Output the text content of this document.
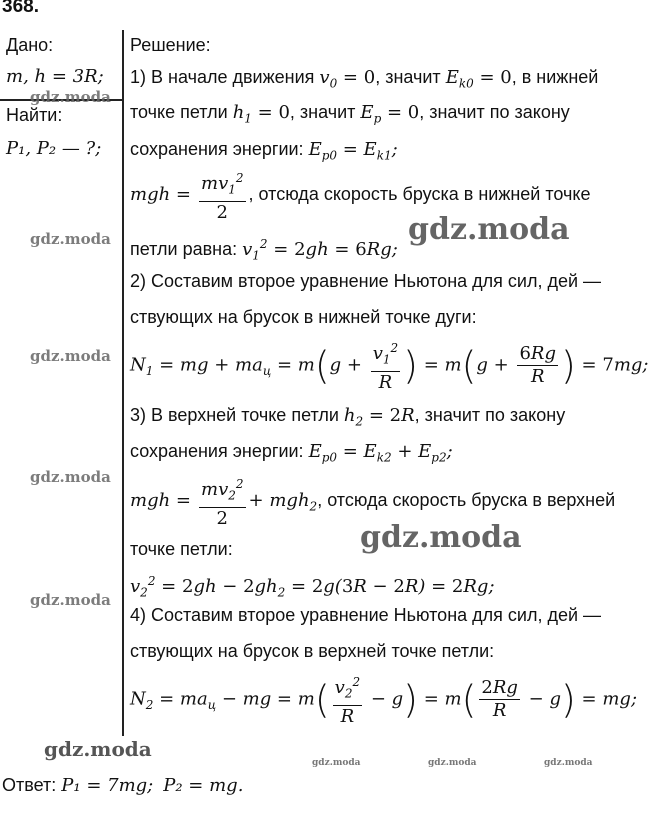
368.
Дано:
m, h = 3R;
Найти:
P₁, P₂ — ?;
Решение:
1) В начале движения $v_0 = 0$, значит $E_{k0} = 0$, в нижней
точке петли $h_1 = 0$, значит $E_p = 0$, значит по закону
сохранения энергии: $E_{p0} = E_{k1}$;
mgh = $\frac{mv_1^2}{2}$ , отсюда скорость бруска в нижней точке
петли равна: $v_1^2 = 2gh = 6Rg$;
2) Составим второе уравнение Ньютона для сил, дей —
ствующих на брусок в нижней точке дуги:
$N_1$ = mg + $ma_ц = m(g + \frac{v_1^2}{R}$ ) = $m(g + \frac{6Rg}{R}$ ) = 7mg;
3) В верхней точке петли $h_2 = 2R$, значит по закону
сохранения энергии: $E_{p0} = E_{k2} + E_{p2}$;
mgh = $\frac{mv_2^2}{2} + mgh_2$, отсюда скорость бруска в верхней
точке петли:
$v_2^2 = 2gh - 2gh_2 = 2g(3R - 2R) = 2Rg$;
4) Составим второе уравнение Ньютона для сил, дей —
ствующих на брусок в верхней точке петли:
$N_2 = ma_ц$ − mg = $m( \frac{v_2^2}{R} - g) = m( \frac{2Rg}{R} - g)$ = mg;
Ответ: P₁ = 7mg; P₂ = mg.
gdz.moda
gdz.moda
gdz.moda
gdz.moda
gdz.moda
gdz.moda
gdz.moda
gdz.moda
gdz.moda	gdz.moda	gdz.moda
